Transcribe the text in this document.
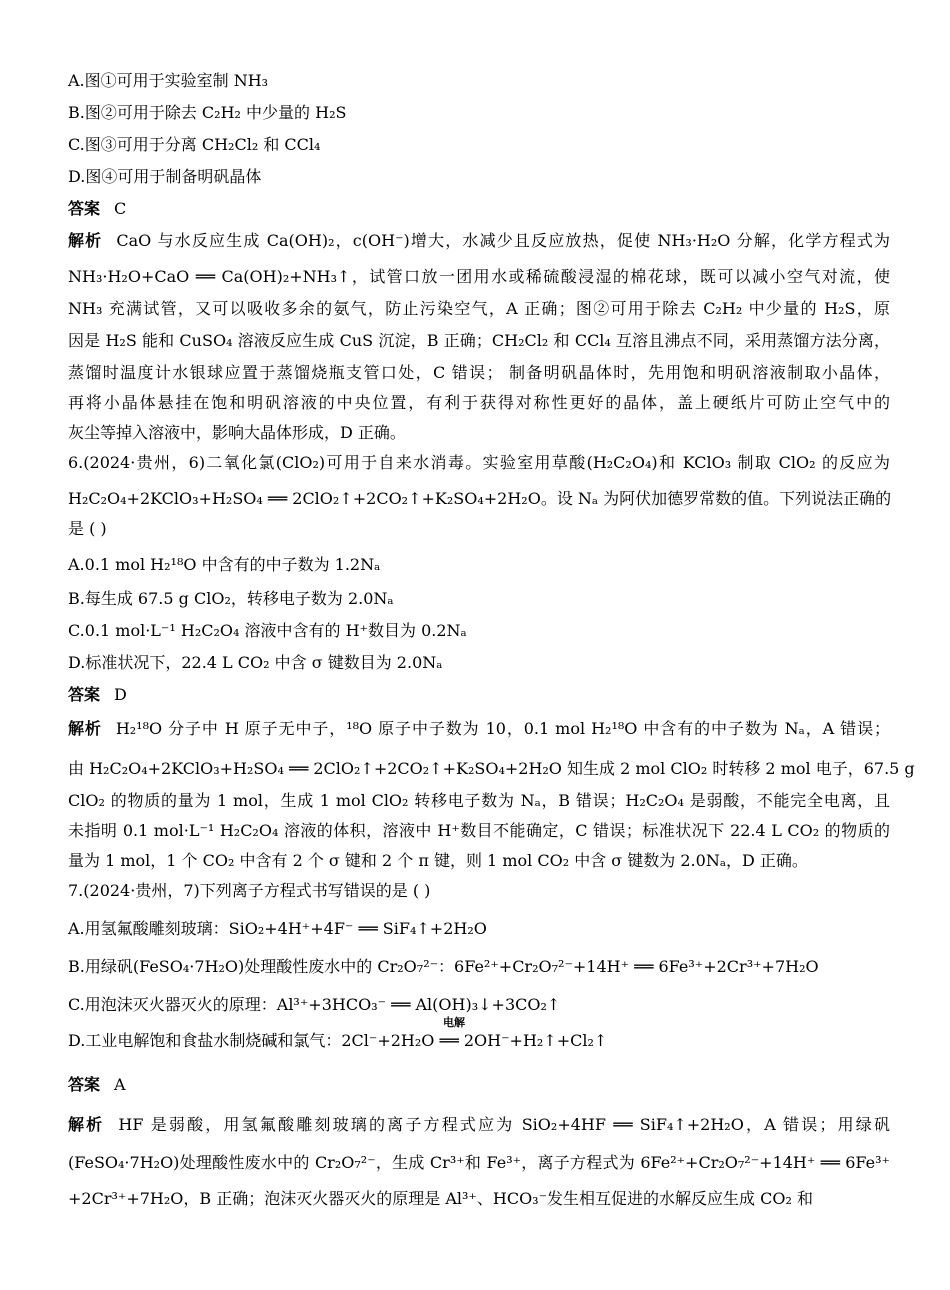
A.图①可用于实验室制 NH₃
B.图②可用于除去 C₂H₂ 中少量的 H₂S
C.图③可用于分离 CH₂Cl₂ 和 CCl₄
D.图④可用于制备明矾晶体
答案 C
解析 CaO 与水反应生成 Ca(OH)₂，c(OH⁻)增大，水减少且反应放热，促使 NH₃·H₂O 分解，化学方程式为
NH₃·H₂O+CaO ══ Ca(OH)₂+NH₃↑，试管口放一团用水或稀硫酸浸湿的棉花球，既可以减小空气对流，使
NH₃ 充满试管，又可以吸收多余的氨气，防止污染空气，A 正确；图②可用于除去 C₂H₂ 中少量的 H₂S，原
因是 H₂S 能和 CuSO₄ 溶液反应生成 CuS 沉淀，B 正确；CH₂Cl₂ 和 CCl₄ 互溶且沸点不同，采用蒸馏方法分离，
蒸馏时温度计水银球应置于蒸馏烧瓶支管口处，C 错误； 制备明矾晶体时，先用饱和明矾溶液制取小晶体，
再将小晶体悬挂在饱和明矾溶液的中央位置，有利于获得对称性更好的晶体，盖上硬纸片可防止空气中的
灰尘等掉入溶液中，影响大晶体形成，D 正确。
6.(2024·贵州，6)二氧化氯(ClO₂)可用于自来水消毒。实验室用草酸(H₂C₂O₄)和 KClO₃ 制取 ClO₂ 的反应为
H₂C₂O₄+2KClO₃+H₂SO₄ ══ 2ClO₂↑+2CO₂↑+K₂SO₄+2H₂O。设 Nₐ 为阿伏加德罗常数的值。下列说法正确的
是 ( )
A.0.1 mol H₂¹⁸O 中含有的中子数为 1.2Nₐ
B.每生成 67.5 g ClO₂，转移电子数为 2.0Nₐ
C.0.1 mol·L⁻¹ H₂C₂O₄ 溶液中含有的 H⁺数目为 0.2Nₐ
D.标准状况下，22.4 L CO₂ 中含 σ 键数目为 2.0Nₐ
答案 D
解析 H₂¹⁸O 分子中 H 原子无中子，¹⁸O 原子中子数为 10，0.1 mol H₂¹⁸O 中含有的中子数为 Nₐ，A 错误；
由 H₂C₂O₄+2KClO₃+H₂SO₄ ══ 2ClO₂↑+2CO₂↑+K₂SO₄+2H₂O 知生成 2 mol ClO₂ 时转移 2 mol 电子，67.5 g
ClO₂ 的物质的量为 1 mol，生成 1 mol ClO₂ 转移电子数为 Nₐ，B 错误；H₂C₂O₄ 是弱酸，不能完全电离，且
未指明 0.1 mol·L⁻¹ H₂C₂O₄ 溶液的体积，溶液中 H⁺数目不能确定，C 错误；标准状况下 22.4 L CO₂ 的物质的
量为 1 mol，1 个 CO₂ 中含有 2 个 σ 键和 2 个 π 键，则 1 mol CO₂ 中含 σ 键数为 2.0Nₐ，D 正确。
7.(2024·贵州，7)下列离子方程式书写错误的是 ( )
A.用氢氟酸雕刻玻璃：SiO₂+4H⁺+4F⁻ ══ SiF₄↑+2H₂O
B.用绿矾(FeSO₄·7H₂O)处理酸性废水中的 Cr₂O₇²⁻：6Fe²⁺+Cr₂O₇²⁻+14H⁺ ══ 6Fe³⁺+2Cr³⁺+7H₂O
C.用泡沫灭火器灭火的原理：Al³⁺+3HCO₃⁻ ══ Al(OH)₃↓+3CO₂↑
电解
D.工业电解饱和食盐水制烧碱和氯气：2Cl⁻+2H₂O ══ 2OH⁻+H₂↑+Cl₂↑
答案 A
解析 HF 是弱酸，用氢氟酸雕刻玻璃的离子方程式应为 SiO₂+4HF ══ SiF₄↑+2H₂O，A 错误；用绿矾
(FeSO₄·7H₂O)处理酸性废水中的 Cr₂O₇²⁻，生成 Cr³⁺和 Fe³⁺，离子方程式为 6Fe²⁺+Cr₂O₇²⁻+14H⁺ ══ 6Fe³⁺
+2Cr³⁺+7H₂O，B 正确；泡沫灭火器灭火的原理是 Al³⁺、HCO₃⁻发生相互促进的水解反应生成 CO₂ 和
